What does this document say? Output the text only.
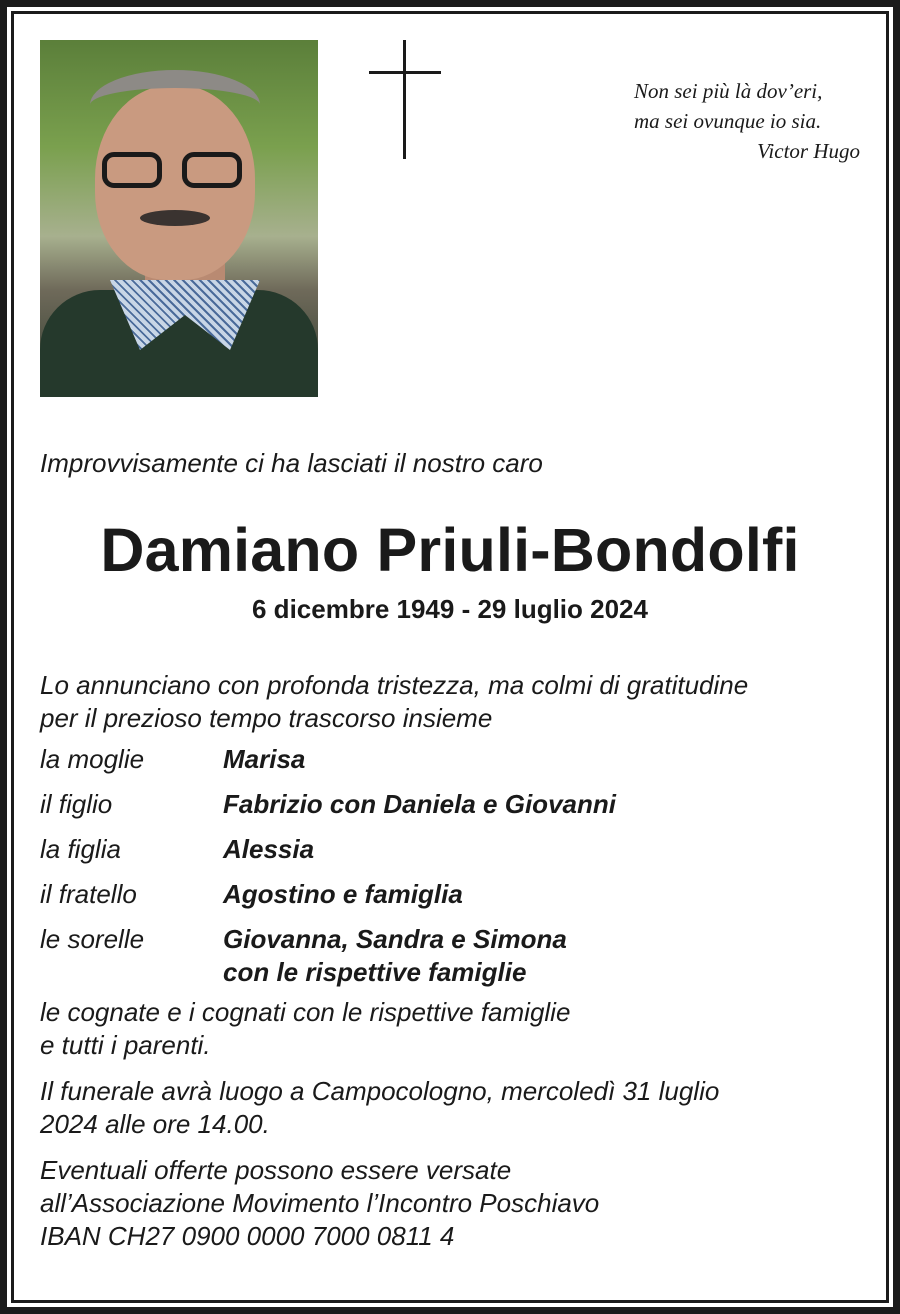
Non sei più là dov’eri,
ma sei ovunque io sia.
Victor Hugo
Improvvisamente ci ha lasciati il nostro caro
Damiano Priuli-Bondolfi
6 dicembre 1949 - 29 luglio 2024

Lo annunciano con profonda tristezza, ma colmi di gratitudine

per il prezioso tempo trascorso insieme

la moglie	Marisa
il figlio	Fabrizio con Daniela e Giovanni
la figlia	Alessia
il fratello	Agostino e famiglia
le sorelle	Giovanna, Sandra e Simona
con le rispettive famiglie

le cognate e i cognati con le rispettive famiglie

e tutti i parenti.

Il funerale avrà luogo a Campocologno, mercoledì 31 luglio

2024 alle ore 14.00.

Eventuali offerte possono essere versate

all’Associazione Movimento l’Incontro Poschiavo

IBAN CH27 0900 0000 7000 0811 4
